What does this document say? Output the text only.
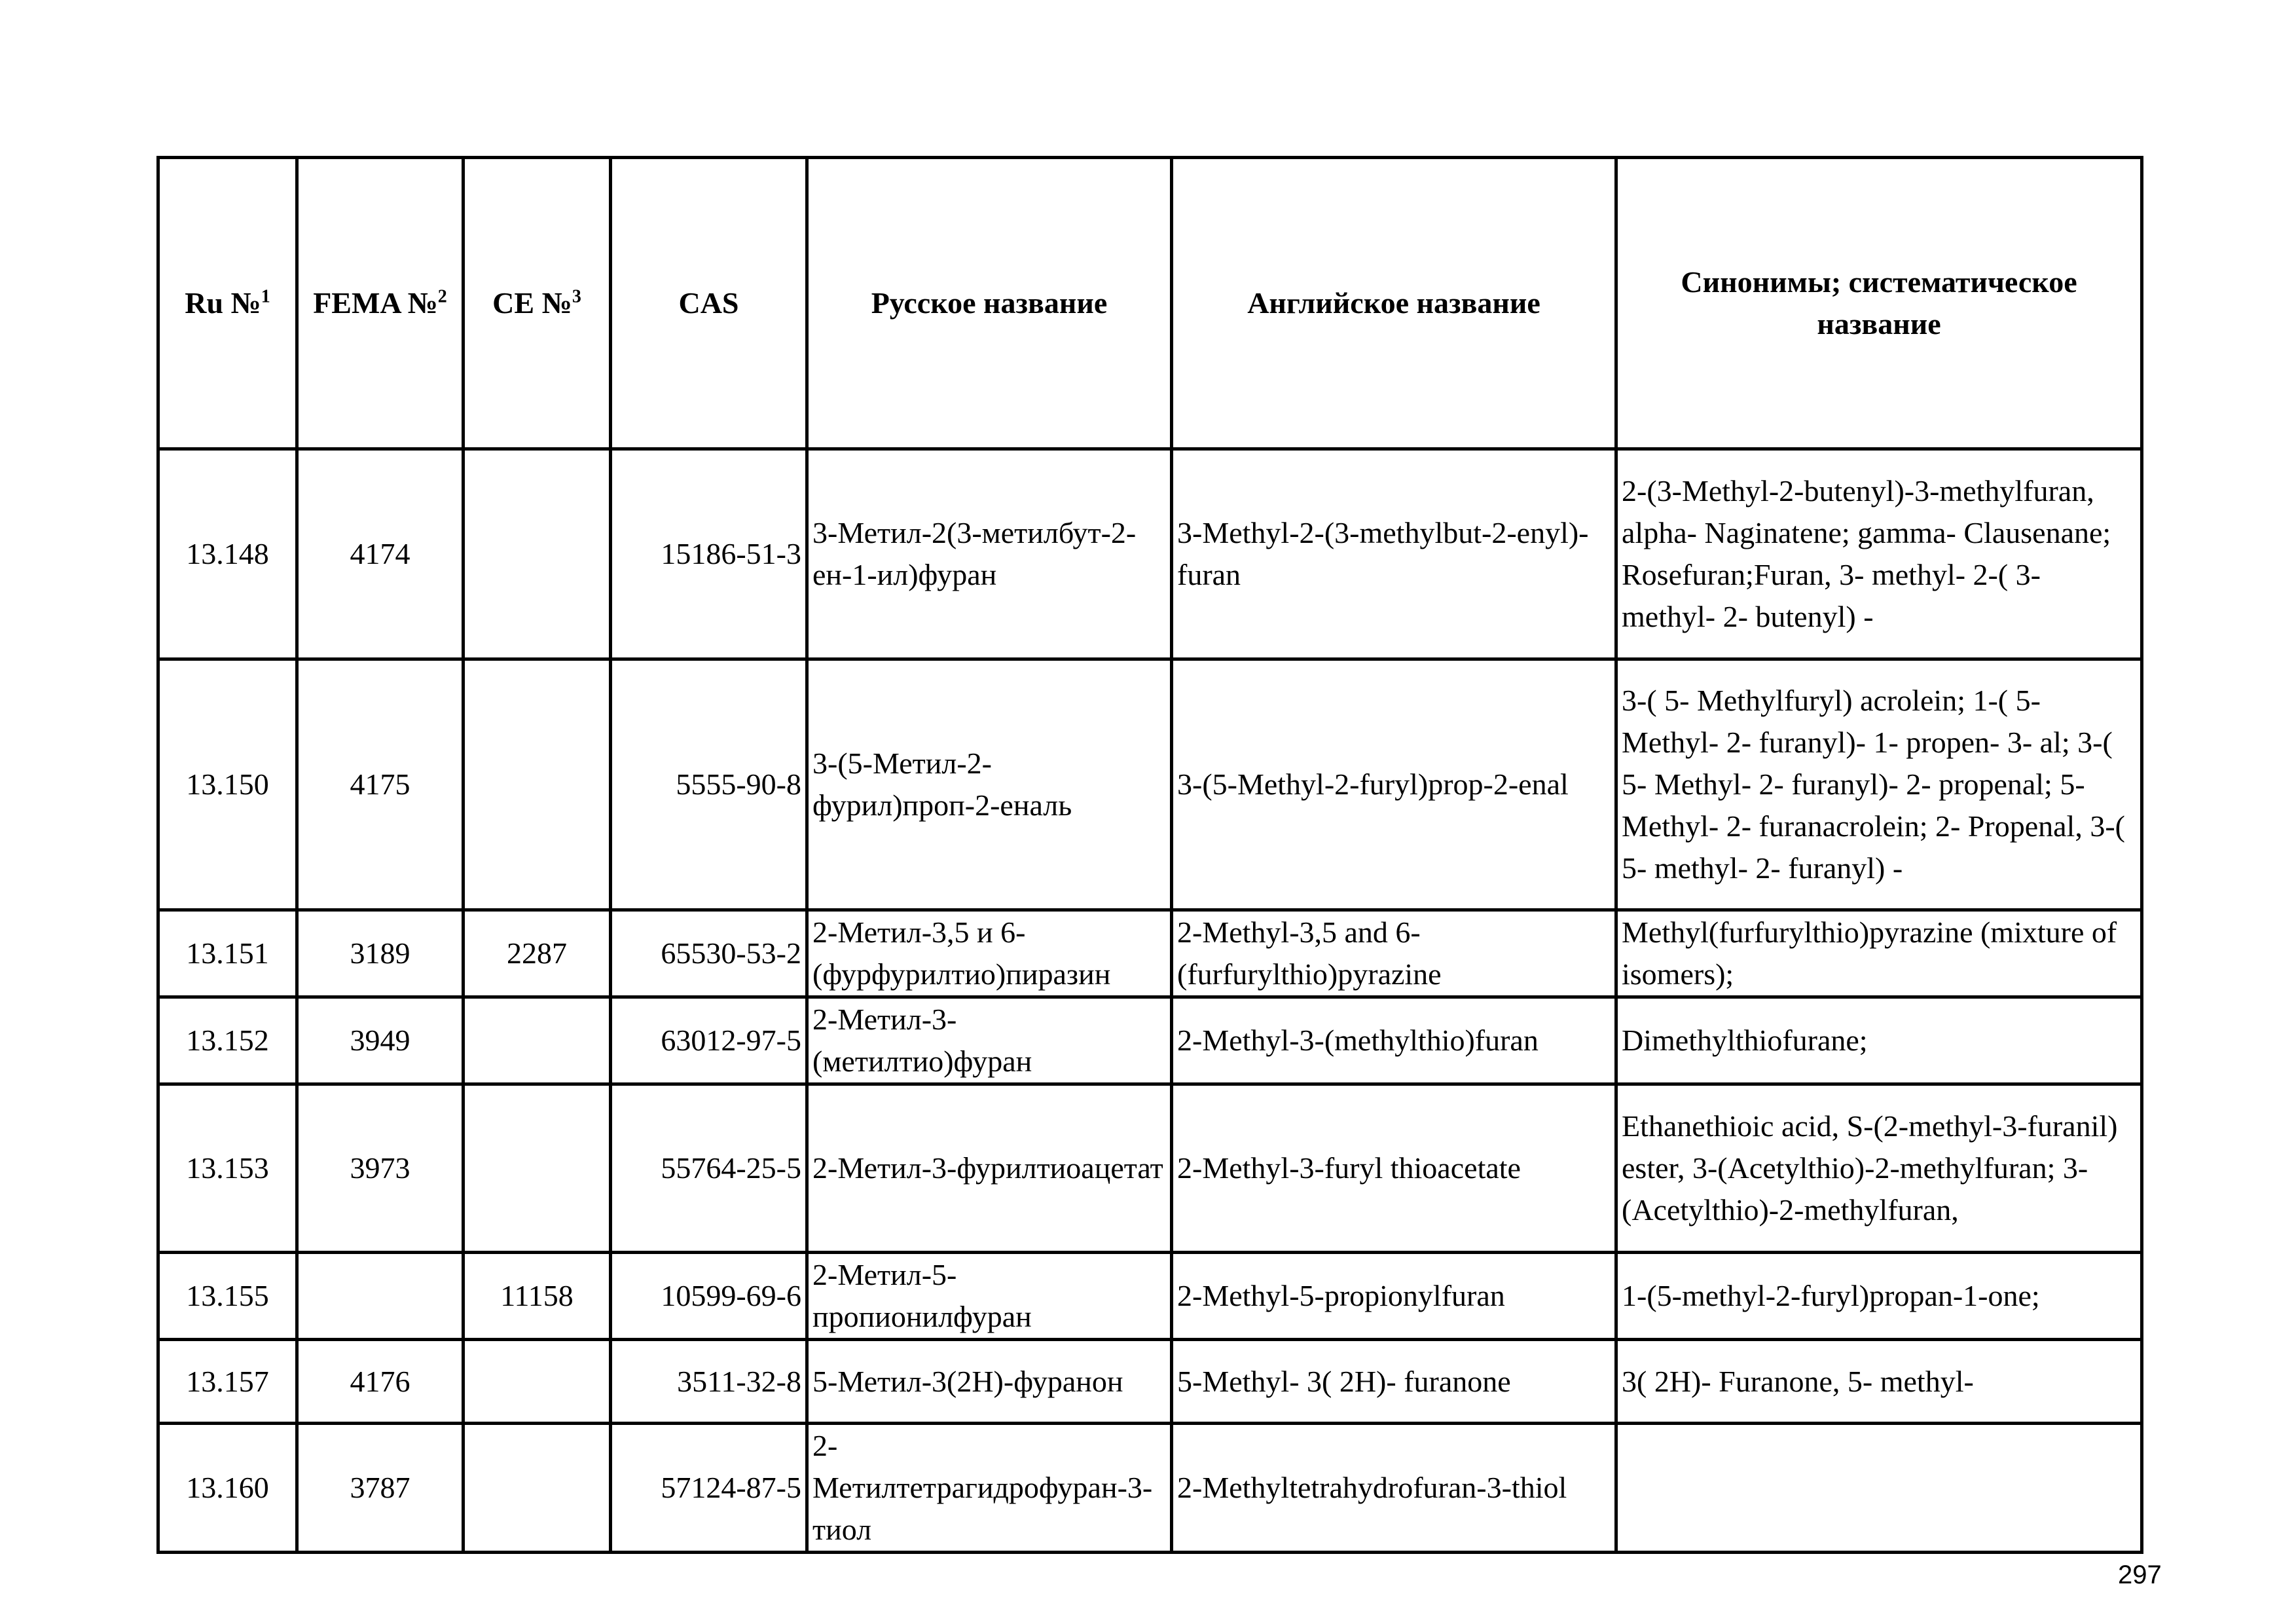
Ru №$^1$	FEMA №$^2$	CE №$^3$	CAS	Русское название	Английское название	Синонимы; систематическое название
13.148	4174		15186-51-3	3-Метил-2(3-метилбут-2-ен-1-ил)фуран	3-Methyl-2-(3-methylbut-2-enyl)-furan	2-(3-Methyl-2-butenyl)-3-methylfuran, alpha- Naginatene; gamma- Clausenane; Rosefuran;Furan, 3- methyl- 2-( 3- methyl- 2- butenyl) -
13.150	4175		5555-90-8	3-(5-Метил-2-фурил)проп-2-еналь	3-(5-Methyl-2-furyl)prop-2-enal	3-( 5- Methylfuryl) acrolein; 1-( 5- Methyl- 2- furanyl)- 1- propen- 3- al; 3-( 5- Methyl- 2- furanyl)- 2- propenal; 5- Methyl- 2- furanacrolein; 2- Propenal, 3-( 5- methyl- 2- furanyl) -
13.151	3189	2287	65530-53-2	2-Метил-3,5 и 6-(фурфурилтио)пиразин	2-Methyl-3,5 and 6-(furfurylthio)pyrazine	Methyl(furfurylthio)pyrazine (mixture of isomers);
13.152	3949		63012-97-5	2-Метил-3-(метилтио)фуран	2-Methyl-3-(methylthio)furan	Dimethylthiofurane;
13.153	3973		55764-25-5	2-Метил-3-фурилтиоацетат	2-Methyl-3-furyl thioacetate	Ethanethioic acid, S-(2-methyl-3-furanil) ester, 3-(Acetylthio)-2-methylfuran; 3-(Acetylthio)-2-methylfuran,
13.155		11158	10599-69-6	2-Метил-5-пропионилфуран	2-Methyl-5-propionylfuran	1-(5-methyl-2-furyl)propan-1-one;
13.157	4176		3511-32-8	5-Метил-3(2H)-фуранон	5-Methyl- 3( 2H)- furanone	3( 2H)- Furanone, 5- methyl-
13.160	3787		57124-87-5	2-Метилтетрагидрофуран-3-тиол	2-Methyltetrahydrofuran-3-thiol	
297
